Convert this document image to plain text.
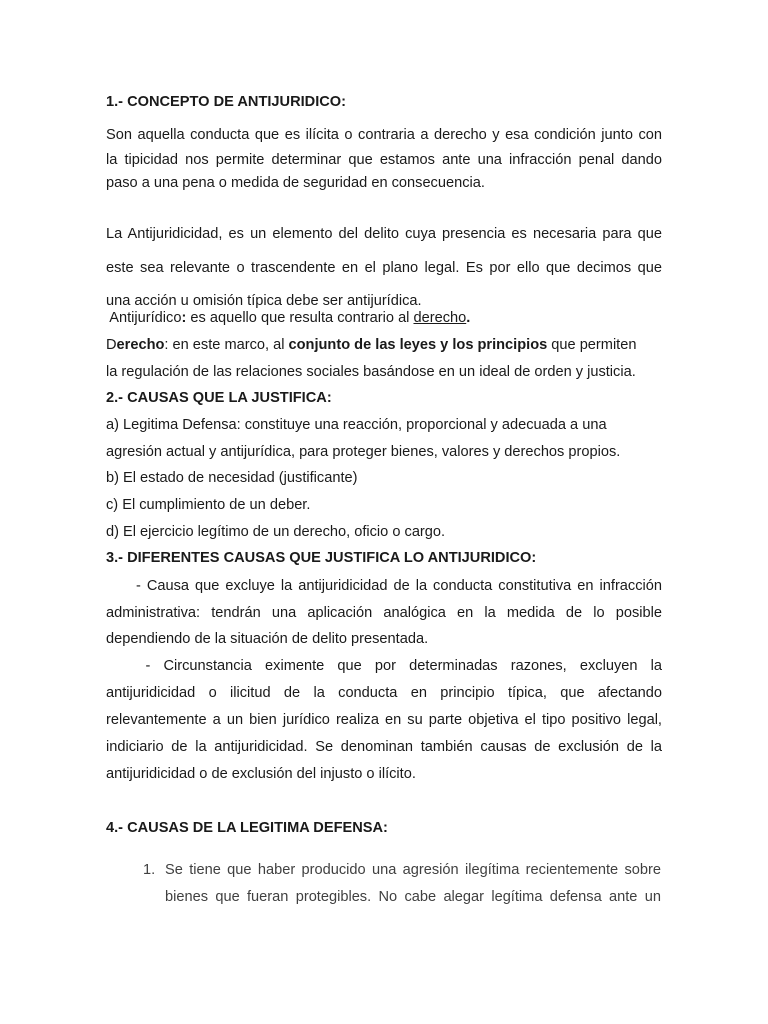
1.- CONCEPTO DE ANTIJURIDICO:
Son aquella conducta que es ilícita o contraria a derecho y esa condición junto con
la tipicidad nos permite determinar que estamos ante una infracción penal dando
paso a una pena o medida de seguridad en consecuencia.
La Antijuridicidad, es un elemento del delito cuya presencia es necesaria para que
este sea relevante o trascendente en el plano legal. Es por ello que decimos que
una acción u omisión típica debe ser antijurídica.
Antijurídico: es aquello que resulta contrario al derecho.
Derecho: en este marco, al conjunto de las leyes y los principios que permiten
la regulación de las relaciones sociales basándose en un ideal de orden y justicia.
2.- CAUSAS QUE LA JUSTIFICA:
a) Legitima Defensa: constituye una reacción, proporcional y adecuada a una
agresión actual y antijurídica, para proteger bienes, valores y derechos propios.
b) El estado de necesidad (justificante)
c) El cumplimiento de un deber.
d) El ejercicio legítimo de un derecho, oficio o cargo.
3.- DIFERENTES CAUSAS QUE JUSTIFICA LO ANTIJURIDICO:
- Causa que excluye la antijuridicidad de la conducta constitutiva en infracción
administrativa: tendrán una aplicación analógica en la medida de lo posible
dependiendo de la situación de delito presentada.
- Circunstancia eximente que por determinadas razones, excluyen la
antijuridicidad o ilicitud de la conducta en principio típica, que afectando
relevantemente a un bien jurídico realiza en su parte objetiva el tipo positivo legal,
indiciario de la antijuridicidad. Se denominan también causas de exclusión de la
antijuridicidad o de exclusión del injusto o ilícito.
4.- CAUSAS DE LA LEGITIMA DEFENSA:
1. Se tiene que haber producido una agresión ilegítima recientemente sobre
bienes que fueran protegibles. No cabe alegar legítima defensa ante un
